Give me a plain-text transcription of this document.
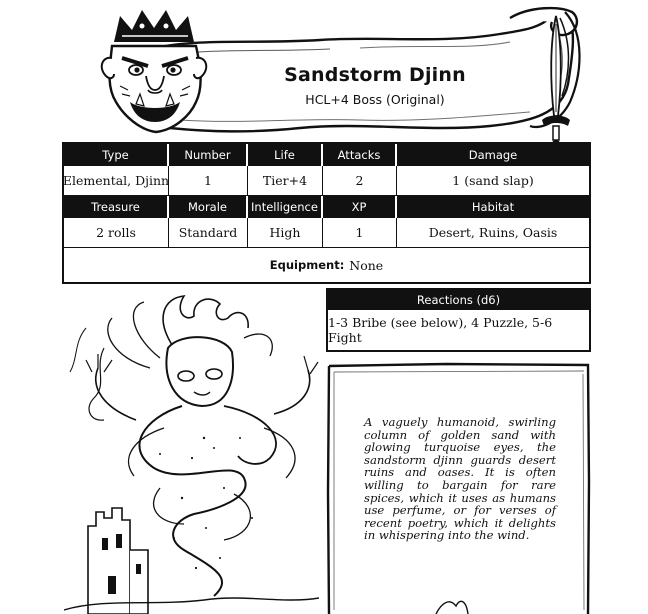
Sandstorm Djinn
HCL+4 Boss (Original)
Type	Number	Life	Attacks	Damage
Elemental, Djinn	1	Tier+4	2	1 (sand slap)
Treasure	Morale	Intelligence	XP	Habitat
2 rolls	Standard	High	1	Desert, Ruins, Oasis
Equipment: None
Reactions (d6)
1-3 Bribe (see below), 4 Puzzle, 5-6 Fight
A vaguely humanoid, swirling column of golden sand with glowing turquoise eyes, the sandstorm djinn guards desert ruins and oases. It is often willing to bargain for rare spices, which it uses as humans use perfume, or for verses of recent poetry, which it delights in whispering into the wind.
